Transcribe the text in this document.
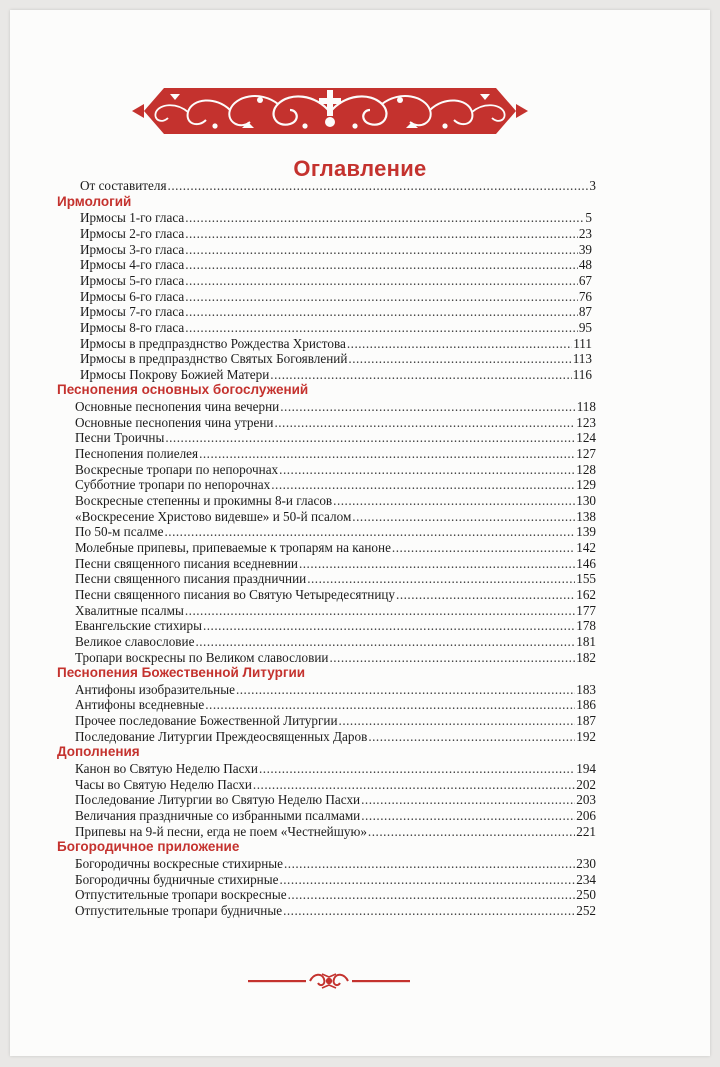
Оглавление
От составителя .....	3
Ирмологий
Ирмосы 1-го гласа .....	5
Ирмосы 2-го гласа .....	23
Ирмосы 3-го гласа .....	39
Ирмосы 4-го гласа .....	48
Ирмосы 5-го гласа .....	67
Ирмосы 6-го гласа .....	76
Ирмосы 7-го гласа .....	87
Ирмосы 8-го гласа .....	95
Ирмосы в предпразднство Рождества Христова .....	111
Ирмосы в предпразднство Святых Богоявлений .....	113
Ирмосы Покрову Божией Матери .....	116
Песнопения основных богослужений
Основные песнопения чина вечерни .....	118
Основные песнопения чина утрени .....	123
Песни Троичны .....	124
Песнопения полиелея .....	127
Воскресные тропари по непорочнах .....	128
Субботние тропари по непорочнах .....	129
Воскресные степенны и прокимны 8-и гласов .....	130
«Воскресение Христово видевше» и 50-й псалом .....	138
По 50-м псалме .....	139
Молебные припевы, припеваемые к тропарям на каноне .....	142
Песни священного писания вседневнии .....	146
Песни священного писания праздничнии .....	155
Песни священного писания во Святую Четыредесятницу .....	162
Хвалитные псалмы .....	177
Евангельские стихиры .....	178
Великое славословие .....	181
Тропари воскресны по Великом славословии .....	182
Песнопения Божественной Литургии
Антифоны изобразительные .....	183
Антифоны вседневные .....	186
Прочее последование Божественной Литургии .....	187
Последование Литургии Преждеосвященных Даров .....	192
Дополнения
Канон во Святую Неделю Пасхи .....	194
Часы во Святую Неделю Пасхи .....	202
Последование Литургии во Святую Неделю Пасхи .....	203
Величания праздничные со избранными псалмами .....	206
Припевы на 9-й песни, егда не поем «Честнейшую» .....	221
Богородичное приложение
Богородичны воскресные стихирные .....	230
Богородичны будничные стихирные .....	234
Отпустительные тропари воскресные .....	250
Отпустительные тропари будничные .....	252
